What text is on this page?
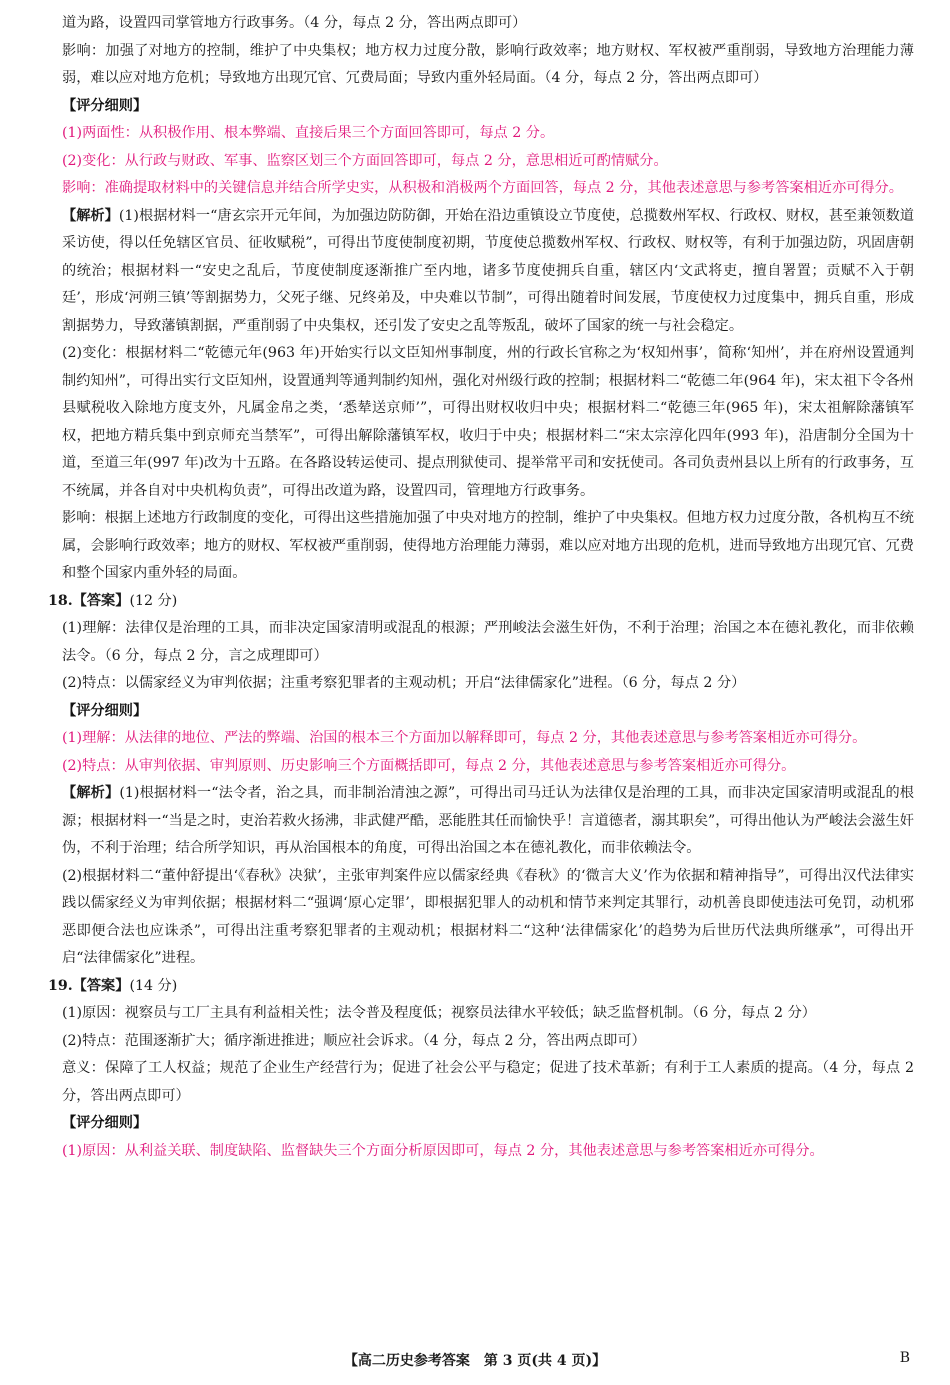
道为路，设置四司掌管地方行政事务。（4 分，每点 2 分，答出两点即可）

影响：加强了对地方的控制，维护了中央集权；地方权力过度分散，影响行政效率；地方财权、军权被严重削弱，导致地方治理能力薄弱，难以应对地方危机；导致地方出现冗官、冗费局面；导致内重外轻局面。（4 分，每点 2 分，答出两点即可）

【评分细则】

(1)两面性：从积极作用、根本弊端、直接后果三个方面回答即可，每点 2 分。

(2)变化：从行政与财政、军事、监察区划三个方面回答即可，每点 2 分，意思相近可酌情赋分。

影响：准确提取材料中的关键信息并结合所学史实，从积极和消极两个方面回答，每点 2 分，其他表述意思与参考答案相近亦可得分。

【解析】(1)根据材料一“唐玄宗开元年间，为加强边防防御，开始在沿边重镇设立节度使，总揽数州军权、行政权、财权，甚至兼领数道采访使，得以任免辖区官员、征收赋税”，可得出节度使制度初期，节度使总揽数州军权、行政权、财权等，有利于加强边防，巩固唐朝的统治；根据材料一“安史之乱后，节度使制度逐渐推广至内地，诸多节度使拥兵自重，辖区内‘文武将吏，擅自署置；贡赋不入于朝廷’，形成‘河朔三镇’等割据势力，父死子继、兄终弟及，中央难以节制”，可得出随着时间发展，节度使权力过度集中，拥兵自重，形成割据势力，导致藩镇割据，严重削弱了中央集权，还引发了安史之乱等叛乱，破坏了国家的统一与社会稳定。

(2)变化：根据材料二“乾德元年(963 年)开始实行以文臣知州事制度，州的行政长官称之为‘权知州事’，简称‘知州’，并在府州设置通判制约知州”，可得出实行文臣知州，设置通判等通判制约知州，强化对州级行政的控制；根据材料二“乾德二年(964 年)，宋太祖下令各州县赋税收入除地方度支外，凡属金帛之类，‘悉辇送京师’”，可得出财权收归中央；根据材料二“乾德三年(965 年)，宋太祖解除藩镇军权，把地方精兵集中到京师充当禁军”，可得出解除藩镇军权，收归于中央；根据材料二“宋太宗淳化四年(993 年)，沿唐制分全国为十道，至道三年(997 年)改为十五路。在各路设转运使司、提点刑狱使司、提举常平司和安抚使司。各司负责州县以上所有的行政事务，互不统属，并各自对中央机构负责”，可得出改道为路，设置四司，管理地方行政事务。

影响：根据上述地方行政制度的变化，可得出这些措施加强了中央对地方的控制，维护了中央集权。但地方权力过度分散，各机构互不统属，会影响行政效率；地方的财权、军权被严重削弱，使得地方治理能力薄弱，难以应对地方出现的危机，进而导致地方出现冗官、冗费和整个国家内重外轻的局面。

18.【答案】(12 分)

(1)理解：法律仅是治理的工具，而非决定国家清明或混乱的根源；严刑峻法会滋生奸伪，不利于治理；治国之本在德礼教化，而非依赖法令。（6 分，每点 2 分，言之成理即可）

(2)特点：以儒家经义为审判依据；注重考察犯罪者的主观动机；开启“法律儒家化”进程。（6 分，每点 2 分）

【评分细则】

(1)理解：从法律的地位、严法的弊端、治国的根本三个方面加以解释即可，每点 2 分，其他表述意思与参考答案相近亦可得分。

(2)特点：从审判依据、审判原则、历史影响三个方面概括即可，每点 2 分，其他表述意思与参考答案相近亦可得分。

【解析】(1)根据材料一“法令者，治之具，而非制治清浊之源”，可得出司马迁认为法律仅是治理的工具，而非决定国家清明或混乱的根源；根据材料一“当是之时，吏治若救火扬沸，非武健严酷，恶能胜其任而愉快乎！言道德者，溺其职矣”，可得出他认为严峻法会滋生奸伪，不利于治理；结合所学知识，再从治国根本的角度，可得出治国之本在德礼教化，而非依赖法令。

(2)根据材料二“董仲舒提出‘《春秋》决狱’，主张审判案件应以儒家经典《春秋》的‘微言大义’作为依据和精神指导”，可得出汉代法律实践以儒家经义为审判依据；根据材料二“强调‘原心定罪’，即根据犯罪人的动机和情节来判定其罪行，动机善良即使违法可免罚，动机邪恶即便合法也应诛杀”，可得出注重考察犯罪者的主观动机；根据材料二“这种‘法律儒家化’的趋势为后世历代法典所继承”，可得出开启“法律儒家化”进程。

19.【答案】(14 分)

(1)原因：视察员与工厂主具有利益相关性；法令普及程度低；视察员法律水平较低；缺乏监督机制。（6 分，每点 2 分）

(2)特点：范围逐渐扩大；循序渐进推进；顺应社会诉求。（4 分，每点 2 分，答出两点即可）

意义：保障了工人权益；规范了企业生产经营行为；促进了社会公平与稳定；促进了技术革新；有利于工人素质的提高。（4 分，每点 2 分，答出两点即可）

【评分细则】

(1)原因：从利益关联、制度缺陷、监督缺失三个方面分析原因即可，每点 2 分，其他表述意思与参考答案相近亦可得分。

【高二历史参考答案　第 3 页(共 4 页)】	B
